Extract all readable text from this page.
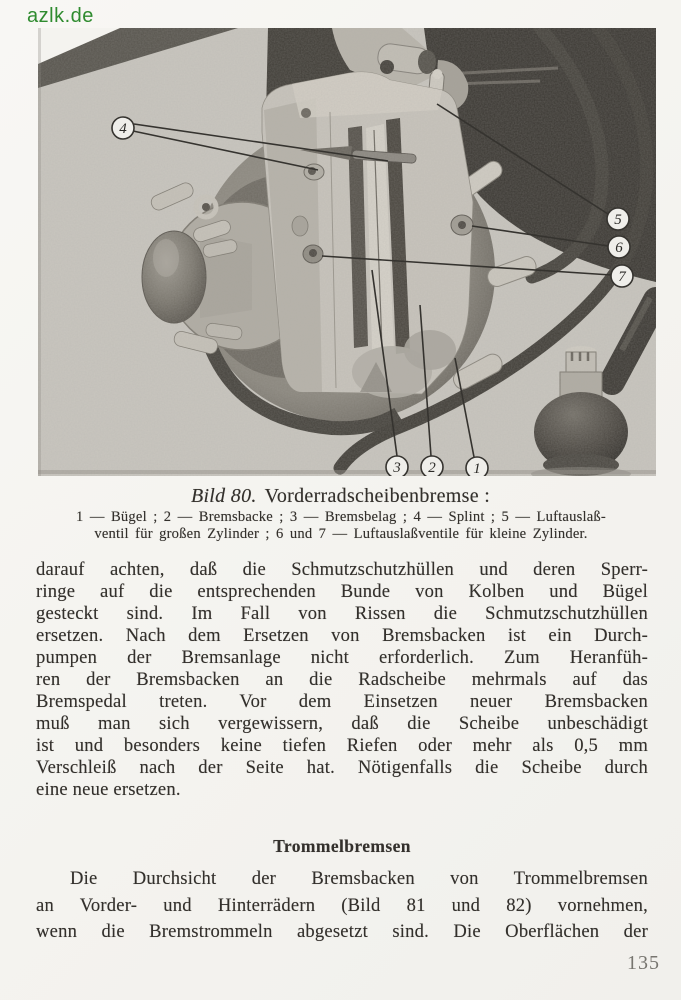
azlk.de
4
5
6
7
3 2	1
Bild 80. Vorderradscheibenbremse :
1 — Bügel ; 2 — Bremsbacke ; 3 — Bremsbelag ; 4 — Splint ; 5 — Luftauslaß-
ventil für großen Zylinder ; 6 und 7 — Luftauslaßventile für kleine Zylinder.
darauf achten, daß die Schmutzschutzhüllen und deren Sperr-
ringe auf die entsprechenden Bunde von Kolben und Bügel
gesteckt sind. Im Fall von Rissen die Schmutzschutzhüllen
ersetzen. Nach dem Ersetzen von Bremsbacken ist ein Durch-
pumpen der Bremsanlage nicht erforderlich. Zum Heranfüh-
ren der Bremsbacken an die Radscheibe mehrmals auf das
Bremspedal treten. Vor dem Einsetzen neuer Bremsbacken
muß man sich vergewissern, daß die Scheibe unbeschädigt
ist und besonders keine tiefen Riefen oder mehr als 0,5 mm
Verschleiß nach der Seite hat. Nötigenfalls die Scheibe durch
eine neue ersetzen.
Trommelbremsen
Die Durchsicht der Bremsbacken von Trommelbremsen
an Vorder- und Hinterrädern (Bild 81 und 82) vornehmen,
wenn die Bremstrommeln abgesetzt sind. Die Oberflächen der
135
